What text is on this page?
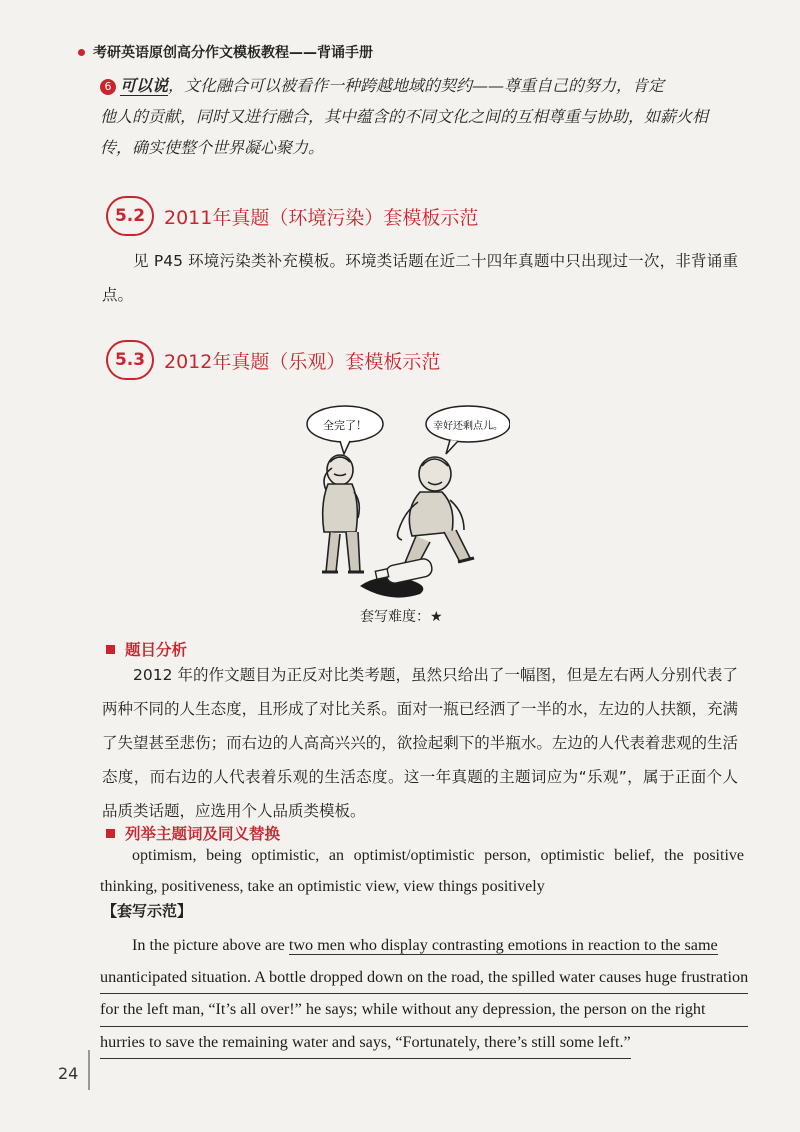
考研英语原创高分作文模板教程——背诵手册
6 可以说，文化融合可以被看作一种跨越地域的契约——尊重自己的努力，肯定
他人的贡献，同时又进行融合，其中蕴含的不同文化之间的互相尊重与协助，如薪火相
传，确实使整个世界凝心聚力。
5.2 2011年真题（环境污染）套模板示范
见 P45 环境污染类补充模板。环境类话题在近二十四年真题中只出现过一次，非背诵重点。
5.3 2012年真题（乐观）套模板示范
全完了！	幸好还剩点儿。
套写难度：★
题目分析
2012 年的作文题目为正反对比类考题，虽然只给出了一幅图，但是左右两人分别代表了两种不同的人生态度，且形成了对比关系。面对一瓶已经洒了一半的水，左边的人扶额，充满了失望甚至悲伤；而右边的人高高兴兴的，欲捡起剩下的半瓶水。左边的人代表着悲观的生活态度，而右边的人代表着乐观的生活态度。这一年真题的主题词应为“乐观”，属于正面个人品质类话题，应选用个人品质类模板。
列举主题词及同义替换
optimism, being optimistic, an optimist/optimistic person, optimistic belief, the positive thinking, positiveness, take an optimistic view, view things positively
【套写示范】
In the picture above are two men who display contrasting emotions in reaction to the same
unanticipated situation. A bottle dropped down on the road, the spilled water causes huge frustration
for the left man, “It’s all over!” he says; while without any depression, the person on the right
hurries to save the remaining water and says, “Fortunately, there’s still some left.”
24
